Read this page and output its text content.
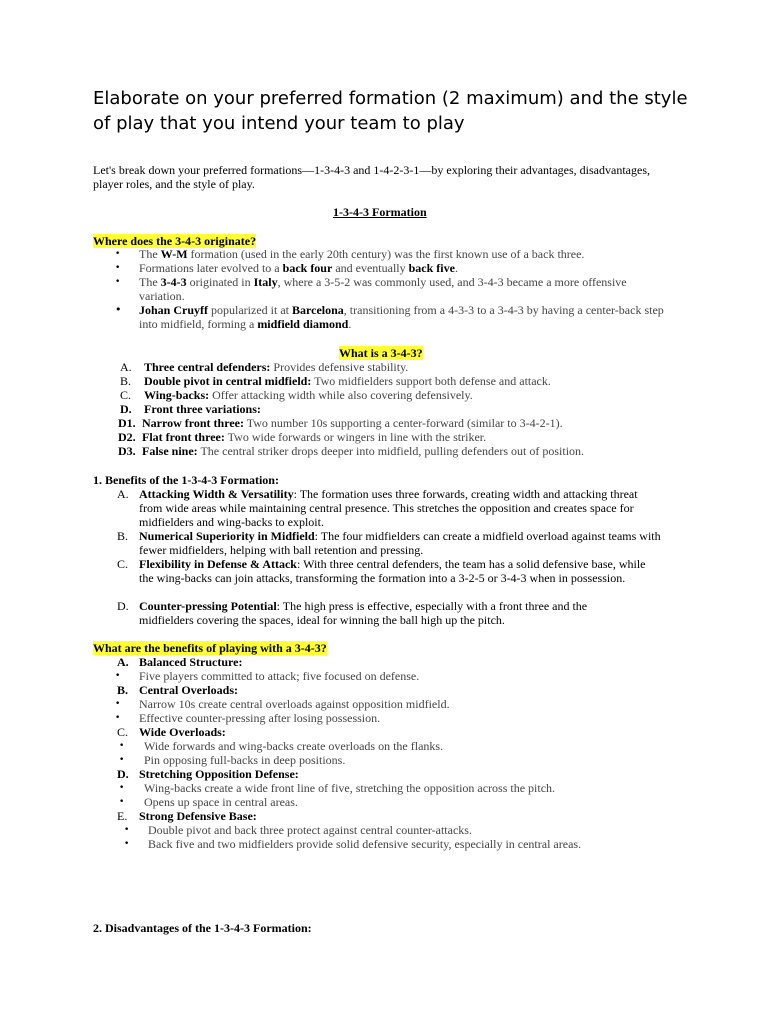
Elaborate on your preferred formation (2 maximum) and the style of play that you intend your team to play
Let's break down your preferred formations—1-3-4-3 and 1-4-2-3-1—by exploring their advantages, disadvantages, player roles, and the style of play.
1-3-4-3 Formation
Where does the 3-4-3 originate?
• The W-M formation (used in the early 20th century) was the first known use of a back three.
• Formations later evolved to a back four and eventually back five.
• The 3-4-3 originated in Italy, where a 3-5-2 was commonly used, and 3-4-3 became a more offensive variation.
• Johan Cruyff popularized it at Barcelona, transitioning from a 4-3-3 to a 3-4-3 by having a center-back step into midfield, forming a midfield diamond.
What is a 3-4-3?
A. Three central defenders: Provides defensive stability.
B. Double pivot in central midfield: Two midfielders support both defense and attack.
C. Wing-backs: Offer attacking width while also covering defensively.
D. Front three variations:
D1. Narrow front three: Two number 10s supporting a center-forward (similar to 3-4-2-1).
D2. Flat front three: Two wide forwards or wingers in line with the striker.
D3. False nine: The central striker drops deeper into midfield, pulling defenders out of position.
1. Benefits of the 1-3-4-3 Formation:
A. Attacking Width & Versatility: The formation uses three forwards, creating width and attacking threat from wide areas while maintaining central presence. This stretches the opposition and creates space for midfielders and wing-backs to exploit.
B. Numerical Superiority in Midfield: The four midfielders can create a midfield overload against teams with fewer midfielders, helping with ball retention and pressing.
C. Flexibility in Defense & Attack: With three central defenders, the team has a solid defensive base, while the wing-backs can join attacks, transforming the formation into a 3-2-5 or 3-4-3 when in possession.
D. Counter-pressing Potential: The high press is effective, especially with a front three and the midfielders covering the spaces, ideal for winning the ball high up the pitch.
What are the benefits of playing with a 3-4-3?
A. Balanced Structure:
• Five players committed to attack; five focused on defense.
B. Central Overloads:
• Narrow 10s create central overloads against opposition midfield.
• Effective counter-pressing after losing possession.
C. Wide Overloads:
• Wide forwards and wing-backs create overloads on the flanks.
• Pin opposing full-backs in deep positions.
D. Stretching Opposition Defense:
• Wing-backs create a wide front line of five, stretching the opposition across the pitch.
• Opens up space in central areas.
E. Strong Defensive Base:
• Double pivot and back three protect against central counter-attacks.
• Back five and two midfielders provide solid defensive security, especially in central areas.
2. Disadvantages of the 1-3-4-3 Formation:
